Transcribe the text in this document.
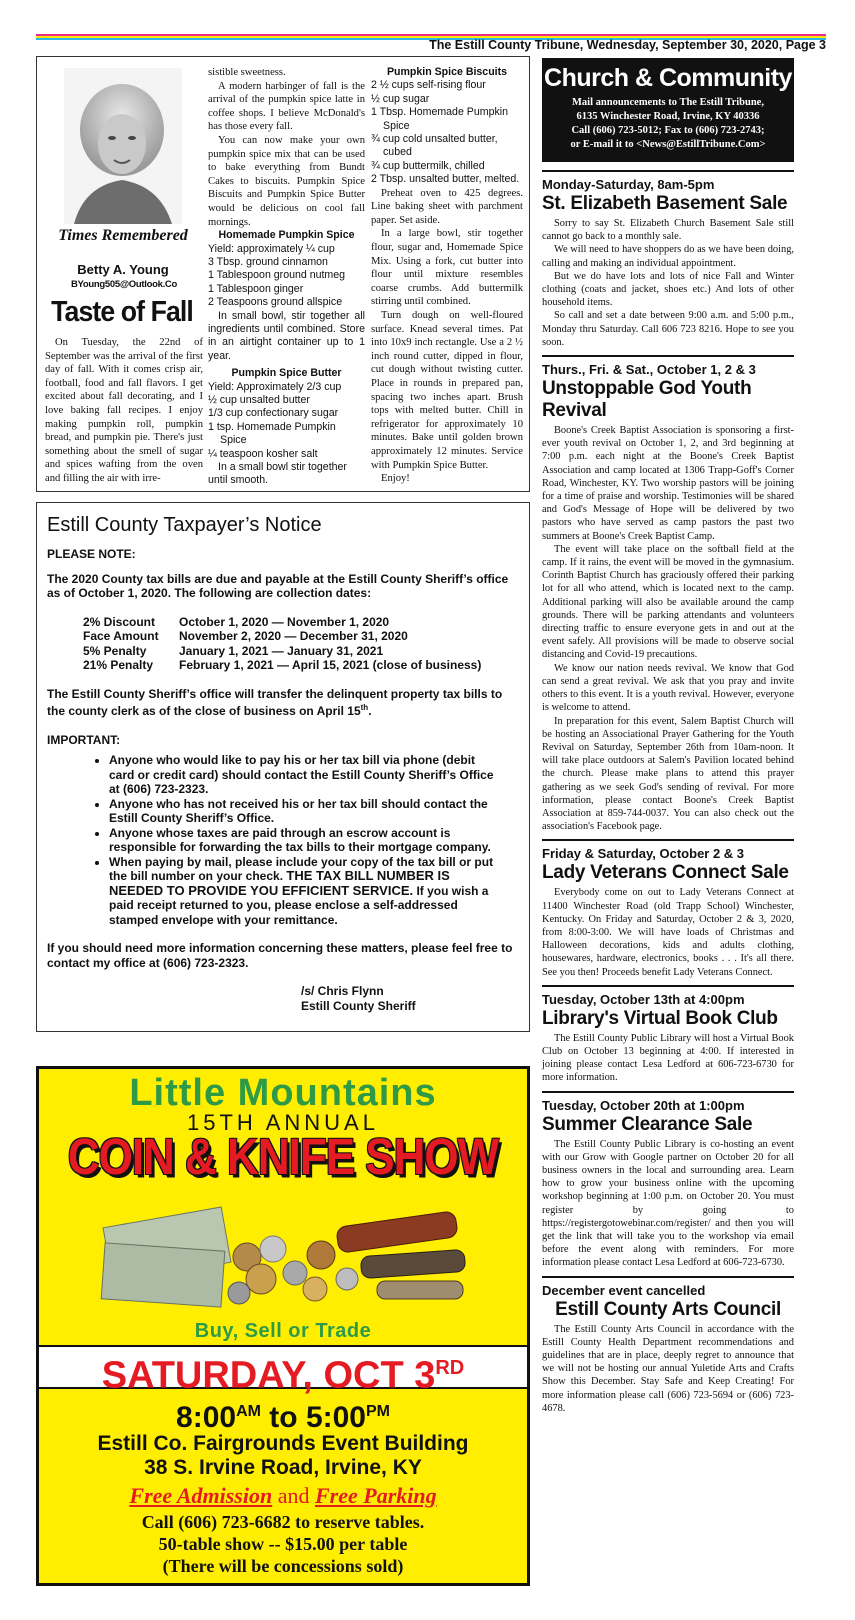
The Estill County Tribune, Wednesday, September 30, 2020, Page 3
Times Remembered
Betty A. Young
BYoung505@Outlook.Co
Taste of Fall

On Tuesday, the 22nd of September was the arrival of the first day of fall. With it comes crisp air, football, food and fall flavors. I get excited about fall decorating, and I love baking fall recipes. I enjoy making pumpkin roll, pumpkin bread, and pumpkin pie. There's just something about the smell of sugar and spices wafting from the oven and filling the air with irre-

sistible sweetness.

A modern harbinger of fall is the arrival of the pumpkin spice latte in coffee shops. I believe McDonald's has those every fall.

You can now make your own pumpkin spice mix that can be used to bake everything from Bundt Cakes to biscuits. Pumpkin Spice Biscuits and Pumpkin Spice Butter would be delicious on cool fall mornings.

Homemade Pumpkin Spice
Yield: approximately ¼ cup
3 Tbsp. ground cinnamon
1 Tablespoon ground nutmeg
1 Tablespoon ginger
2 Teaspoons ground allspice
In small bowl, stir together all ingredients until combined. Store in an airtight container up to 1 year.
Pumpkin Spice Butter
Yield: Approximately 2/3 cup
½ cup unsalted butter
1/3 cup confectionary sugar
1 tsp. Homemade Pumpkin
Spice
¼ teaspoon kosher salt
In a small bowl stir together until smooth.
Pumpkin Spice Biscuits
2 ½ cups self-rising flour
½ cup sugar
1 Tbsp. Homemade Pumpkin
Spice
¾ cup cold unsalted butter,
cubed
¾ cup buttermilk, chilled
2 Tbsp. unsalted butter, melted.

Preheat oven to 425 degrees. Line baking sheet with parchment paper. Set aside.

In a large bowl, stir together flour, sugar and, Homemade Spice Mix. Using a fork, cut butter into flour until mixture resembles coarse crumbs. Add buttermilk stirring until combined.

Turn dough on well-floured surface. Knead several times. Pat into 10x9 inch rectangle. Use a 2 ½ inch round cutter, dipped in flour, cut dough without twisting cutter. Place in rounds in prepared pan, spacing two inches apart. Brush tops with melted butter. Chill in refrigerator for approximately 10 minutes. Bake until golden brown approximately 12 minutes. Service with Pumpkin Spice Butter.

Enjoy!

Estill County Taxpayer’s Notice
PLEASE NOTE:
The 2020 County tax bills are due and payable at the Estill County Sheriff’s office as of October 1, 2020. The following are collection dates:
2% Discount	October 1, 2020 — November 1, 2020
Face Amount	November 2, 2020 — December 31, 2020
5% Penalty	January 1, 2021 — January 31, 2021
21% Penalty	February 1, 2021 — April 15, 2021 (close of business)
The Estill County Sheriff’s office will transfer the delinquent property tax bills to the county clerk as of the close of business on April 15th.
IMPORTANT:
• Anyone who would like to pay his or her tax bill via phone (debit card or credit card) should contact the Estill County Sheriff’s Office at (606) 723-2323.
• Anyone who has not received his or her tax bill should contact the Estill County Sheriff’s Office.
• Anyone whose taxes are paid through an escrow account is responsible for forwarding the tax bills to their mortgage company.
• When paying by mail, please include your copy of the tax bill or put the bill number on your check. THE TAX BILL NUMBER IS NEEDED TO PROVIDE YOU EFFICIENT SERVICE. If you wish a paid receipt returned to you, please enclose a self-addressed stamped envelope with your remittance.
If you should need more information concerning these matters, please feel free to contact my office at (606) 723-2323.
/s/ Chris Flynn
Estill County Sheriff
Little Mountains
15TH ANNUAL
COIN & KNIFE SHOW
Buy, Sell or Trade
SATURDAY, OCT 3RD
$8:00^{AM}$ to $5:00^{PM}$
Estill Co. Fairgrounds Event Building
38 S. Irvine Road, Irvine, KY
Free Admission and Free Parking
Call (606) 723-6682 to reserve tables.
50-table show -- $15.00 per table
(There will be concessions sold)
Church & Community
Mail announcements to The Estill Tribune,
6135 Winchester Road, Irvine, KY 40336
Call (606) 723-5012; Fax to (606) 723-2743;
or E-mail it to <News@EstillTribune.Com>
Monday-Saturday, 8am-5pm
St. Elizabeth Basement Sale

Sorry to say St. Elizabeth Church Basement Sale still cannot go back to a monthly sale.

We will need to have shoppers do as we have been doing, calling and making an individual appointment.

But we do have lots and lots of nice Fall and Winter clothing (coats and jacket, shoes etc.) And lots of other household items.

So call and set a date between 9:00 a.m. and 5:00 p.m., Monday thru Saturday. Call 606 723 8216. Hope to see you soon.

Thurs., Fri. & Sat., October 1, 2 & 3
Unstoppable God Youth Revival

Boone's Creek Baptist Association is sponsoring a first-ever youth revival on October 1, 2, and 3rd beginning at 7:00 p.m. each night at the Boone's Creek Baptist Association and camp located at 1306 Trapp-Goff's Corner Road, Winchester, KY. Two worship pastors will be joining for a time of praise and worship. Testimonies will be shared and God's Message of Hope will be delivered by two pastors who have served as camp pastors the past two summers at Boone's Creek Baptist Camp.

The event will take place on the softball field at the camp. If it rains, the event will be moved in the gymnasium. Corinth Baptist Church has graciously offered their parking lot for all who attend, which is located next to the camp. Additional parking will also be available around the camp grounds. There will be parking attendants and volunteers directing traffic to ensure everyone gets in and out at the event safely. All provisions will be made to observe social distancing and Covid-19 precautions.

We know our nation needs revival. We know that God can send a great revival. We ask that you pray and invite others to this event. It is a youth revival. However, everyone is welcome to attend.

In preparation for this event, Salem Baptist Church will be hosting an Associational Prayer Gathering for the Youth Revival on Saturday, September 26th from 10am-noon. It will take place outdoors at Salem's Pavilion located behind the church. Please make plans to attend this prayer gathering as we seek God's sending of revival. For more information, please contact Boone's Creek Baptist Association at 859-744-0037. You can also check out the association's Facebook page.

Friday & Saturday, October 2 & 3
Lady Veterans Connect Sale

Everybody come on out to Lady Veterans Connect at 11400 Winchester Road (old Trapp School) Winchester, Kentucky. On Friday and Saturday, October 2 & 3, 2020, from 8:00-3:00. We will have loads of Christmas and Halloween decorations, kids and adults clothing, housewares, hardware, electronics, books . . . It's all there. See you then! Proceeds benefit Lady Veterans Connect.

Tuesday, October 13th at 4:00pm
Library's Virtual Book Club

The Estill County Public Library will host a Virtual Book Club on October 13 beginning at 4:00. If interested in joining please contact Lesa Ledford at 606-723-6730 for more information.

Tuesday, October 20th at 1:00pm
Summer Clearance Sale

The Estill County Public Library is co-hosting an event with our Grow with Google partner on October 20 for all business owners in the local and surrounding area. Learn how to grow your business online with the upcoming workshop beginning at 1:00 p.m. on October 20. You must register by going to https://registergotowebinar.com/register/ and then you will get the link that will take you to the workshop via email before the event along with reminders. For more information please contact Lesa Ledford at 606-723-6730.

December event cancelled
Estill County Arts Council

The Estill County Arts Council in accordance with the Estill County Health Department recommendations and guidelines that are in place, deeply regret to announce that we will not be hosting our annual Yuletide Arts and Crafts Show this December. Stay Safe and Keep Creating! For more information please call (606) 723-5694 or (606) 723-4678.
